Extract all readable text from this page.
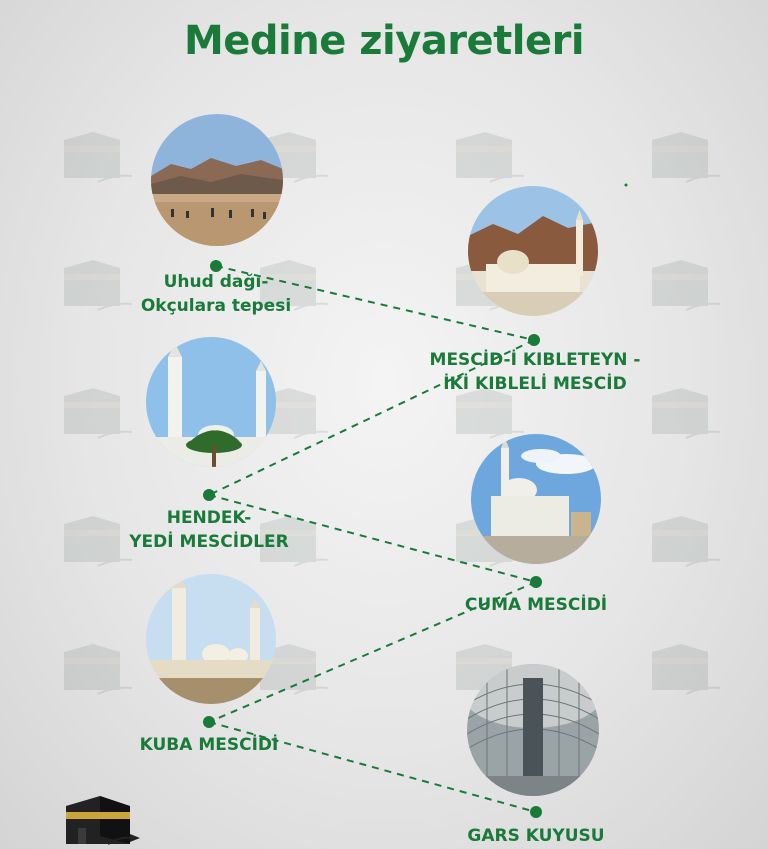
Medine ziyaretleri
Uhud dağı-
Okçulara tepesi
MESCİD-İ KIBLETEYN -
İKİ KIBLELİ MESCİD
HENDEK-
YEDİ MESCİDLER
CUMA MESCİDİ
KUBA MESCİDİ
GARS KUYUSU
